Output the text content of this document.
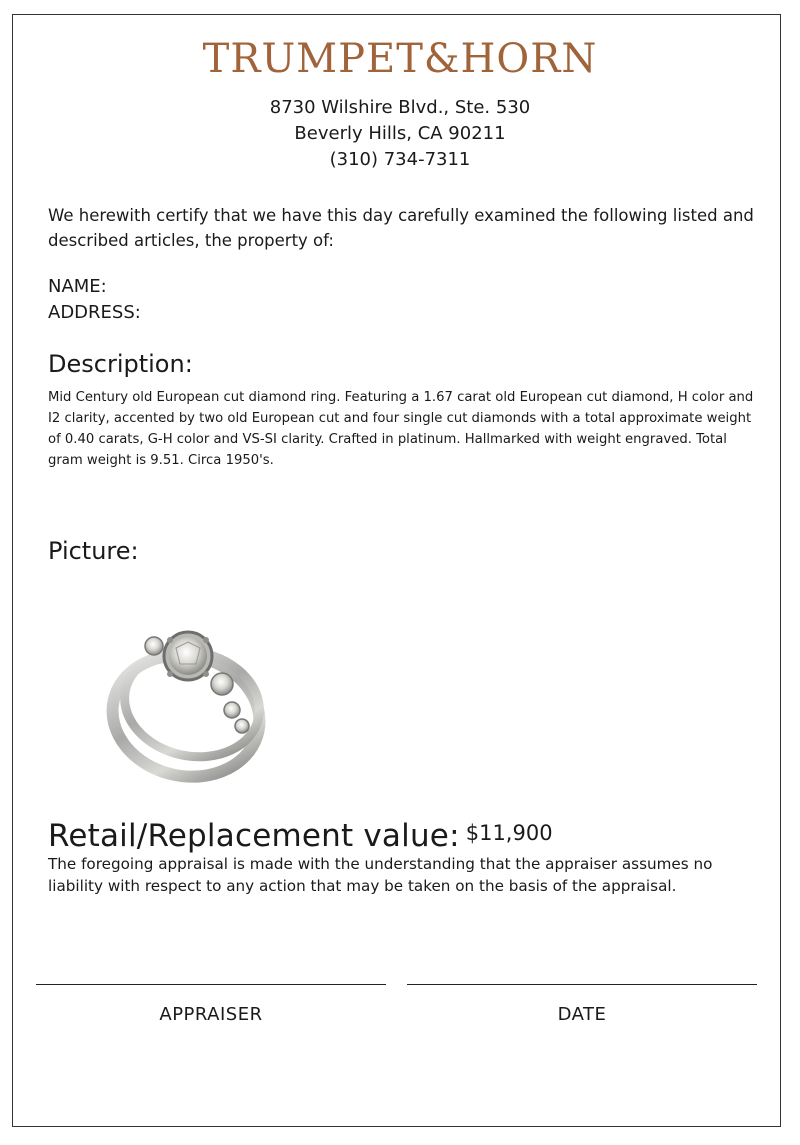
TRUMPET&HORN
8730 Wilshire Blvd., Ste. 530
Beverly Hills, CA 90211
(310) 734-7311
We herewith certify that we have this day carefully examined the following listed and described articles, the property of:
NAME:
ADDRESS:
Description:
Mid Century old European cut diamond ring. Featuring a 1.67 carat old European cut diamond, H color and I2 clarity, accented by two old European cut and four single cut diamonds with a total approximate weight of 0.40 carats, G-H color and VS-SI clarity. Crafted in platinum. Hallmarked with weight engraved. Total gram weight is 9.51. Circa 1950's.
Picture:
Retail/Replacement value: $11,900
The foregoing appraisal is made with the understanding that the appraiser assumes no liability with respect to any action that may be taken on the basis of the appraisal.
APPRAISER	DATE
